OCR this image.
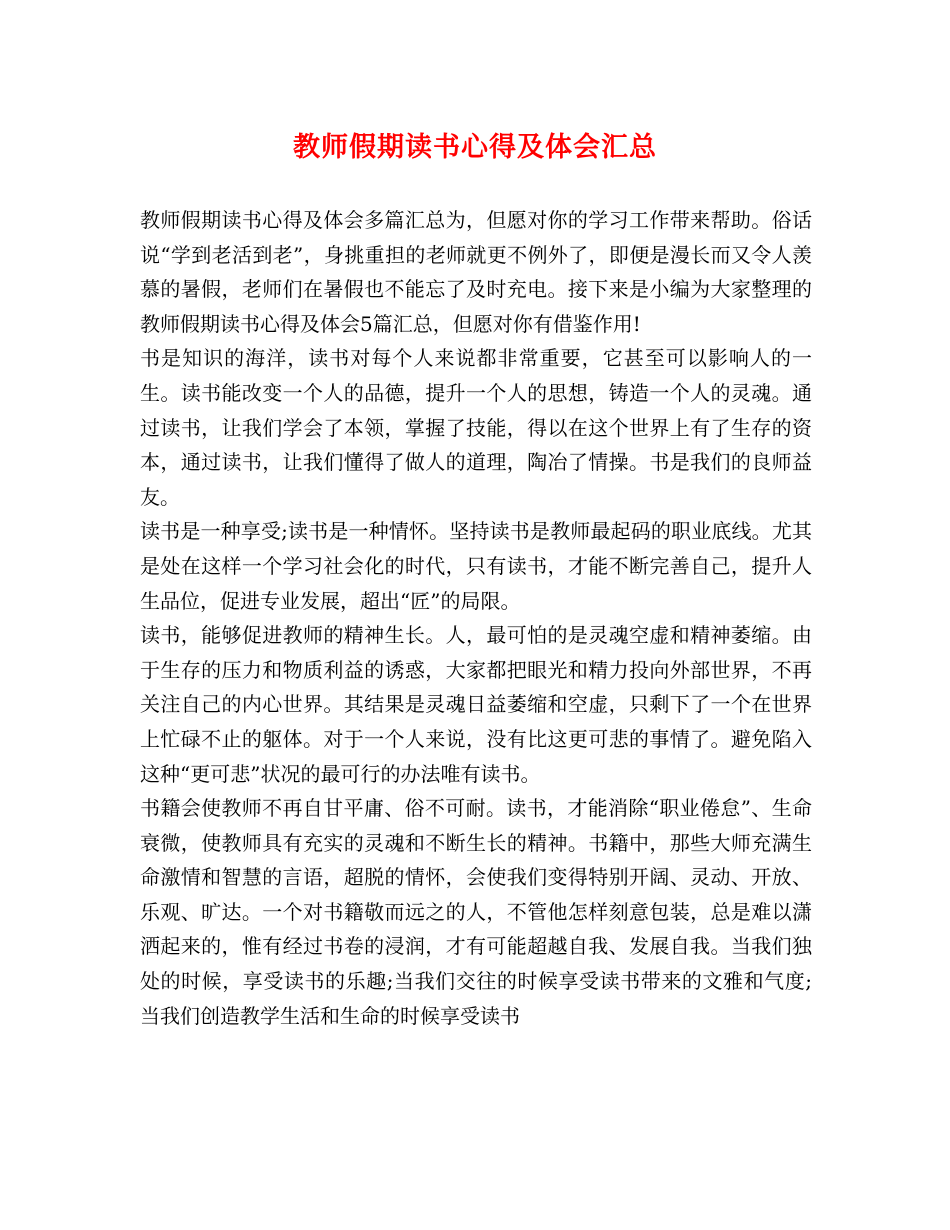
教师假期读书心得及体会汇总

教师假期读书心得及体会多篇汇总为，但愿对你的学习工作带来帮助。俗话说“学到老活到老”，身挑重担的老师就更不例外了，即便是漫长而又令人羡慕的暑假，老师们在暑假也不能忘了及时充电。接下来是小编为大家整理的教师假期读书心得及体会5篇汇总，但愿对你有借鉴作用!

书是知识的海洋，读书对每个人来说都非常重要，它甚至可以影响人的一生。读书能改变一个人的品德，提升一个人的思想，铸造一个人的灵魂。通过读书，让我们学会了本领，掌握了技能，得以在这个世界上有了生存的资本，通过读书，让我们懂得了做人的道理，陶冶了情操。书是我们的良师益友。

读书是一种享受;读书是一种情怀。坚持读书是教师最起码的职业底线。尤其是处在这样一个学习社会化的时代，只有读书，才能不断完善自己，提升人生品位，促进专业发展，超出“匠”的局限。

读书，能够促进教师的精神生长。人，最可怕的是灵魂空虚和精神萎缩。由于生存的压力和物质利益的诱惑，大家都把眼光和精力投向外部世界，不再关注自己的内心世界。其结果是灵魂日益萎缩和空虚，只剩下了一个在世界上忙碌不止的躯体。对于一个人来说，没有比这更可悲的事情了。避免陷入这种“更可悲”状况的最可行的办法唯有读书。

书籍会使教师不再自甘平庸、俗不可耐。读书，才能消除“职业倦怠”、生命衰微，使教师具有充实的灵魂和不断生长的精神。书籍中，那些大师充满生命激情和智慧的言语，超脱的情怀，会使我们变得特别开阔、灵动、开放、乐观、旷达。一个对书籍敬而远之的人，不管他怎样刻意包装，总是难以潇洒起来的，惟有经过书卷的浸润，才有可能超越自我、发展自我。当我们独处的时候，享受读书的乐趣;当我们交往的时候享受读书带来的文雅和气度;当我们创造教学生活和生命的时候享受读书
